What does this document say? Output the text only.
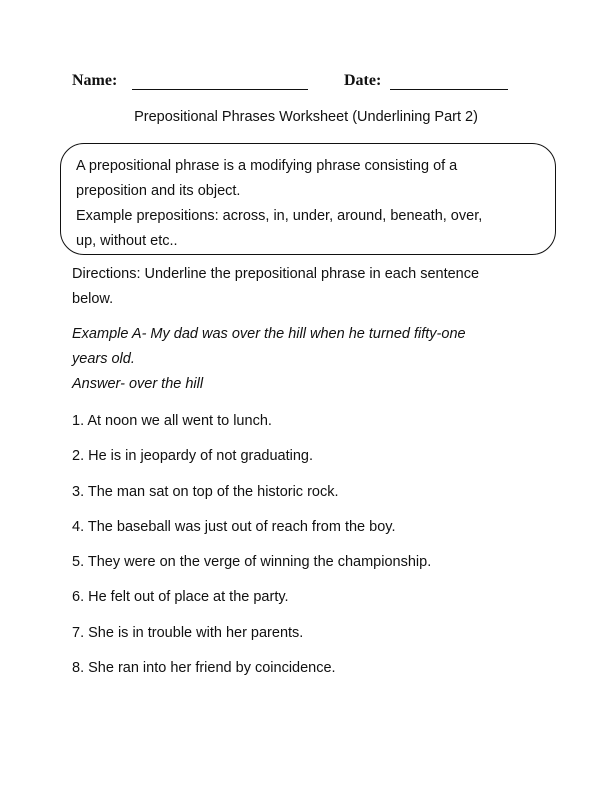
Name:	Date:
Prepositional Phrases Worksheet (Underlining Part 2)
A prepositional phrase is a modifying phrase consisting of a
preposition and its object.
Example prepositions: across, in, under, around, beneath, over,
up, without etc..
Directions: Underline the prepositional phrase in each sentence
below.
Example A- My dad was over the hill when he turned fifty-one
years old.
Answer- over the hill
1. At noon we all went to lunch.
2. He is in jeopardy of not graduating.
3. The man sat on top of the historic rock.
4. The baseball was just out of reach from the boy.
5. They were on the verge of winning the championship.
6. He felt out of place at the party.
7. She is in trouble with her parents.
8. She ran into her friend by coincidence.
